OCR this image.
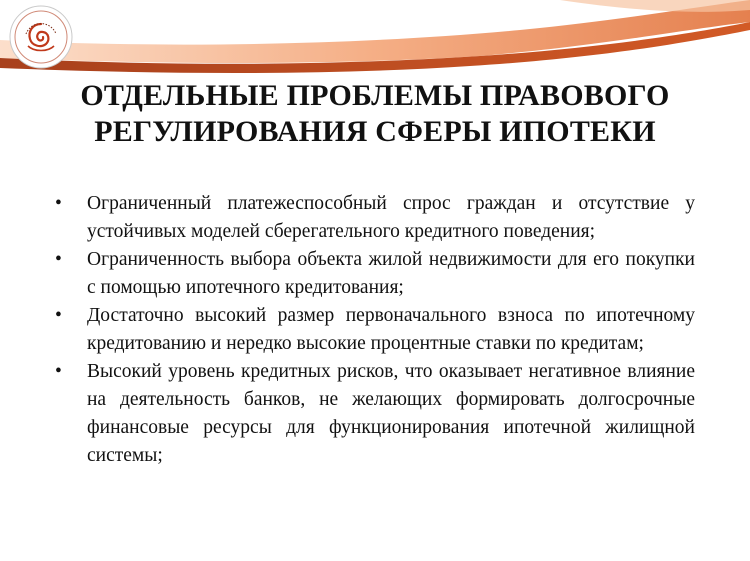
ОТДЕЛЬНЫЕ ПРОБЛЕМЫ ПРАВОВОГО
РЕГУЛИРОВАНИЯ СФЕРЫ ИПОТЕКИ
•	Ограниченный платежеспособный спрос граждан и отсутствие у устойчивых моделей сберегательного кредитного поведения;
•	Ограниченность выбора объекта жилой недвижимости для его покупки с помощью ипотечного кредитования;
•	Достаточно высокий размер первоначального взноса по ипотечному кредитованию и нередко высокие процентные ставки по кредитам;
•	Высокий уровень кредитных рисков, что оказывает негативное влияние на деятельность банков, не желающих формировать долгосрочные финансовые ресурсы для функционирования ипотечной жилищной системы;
